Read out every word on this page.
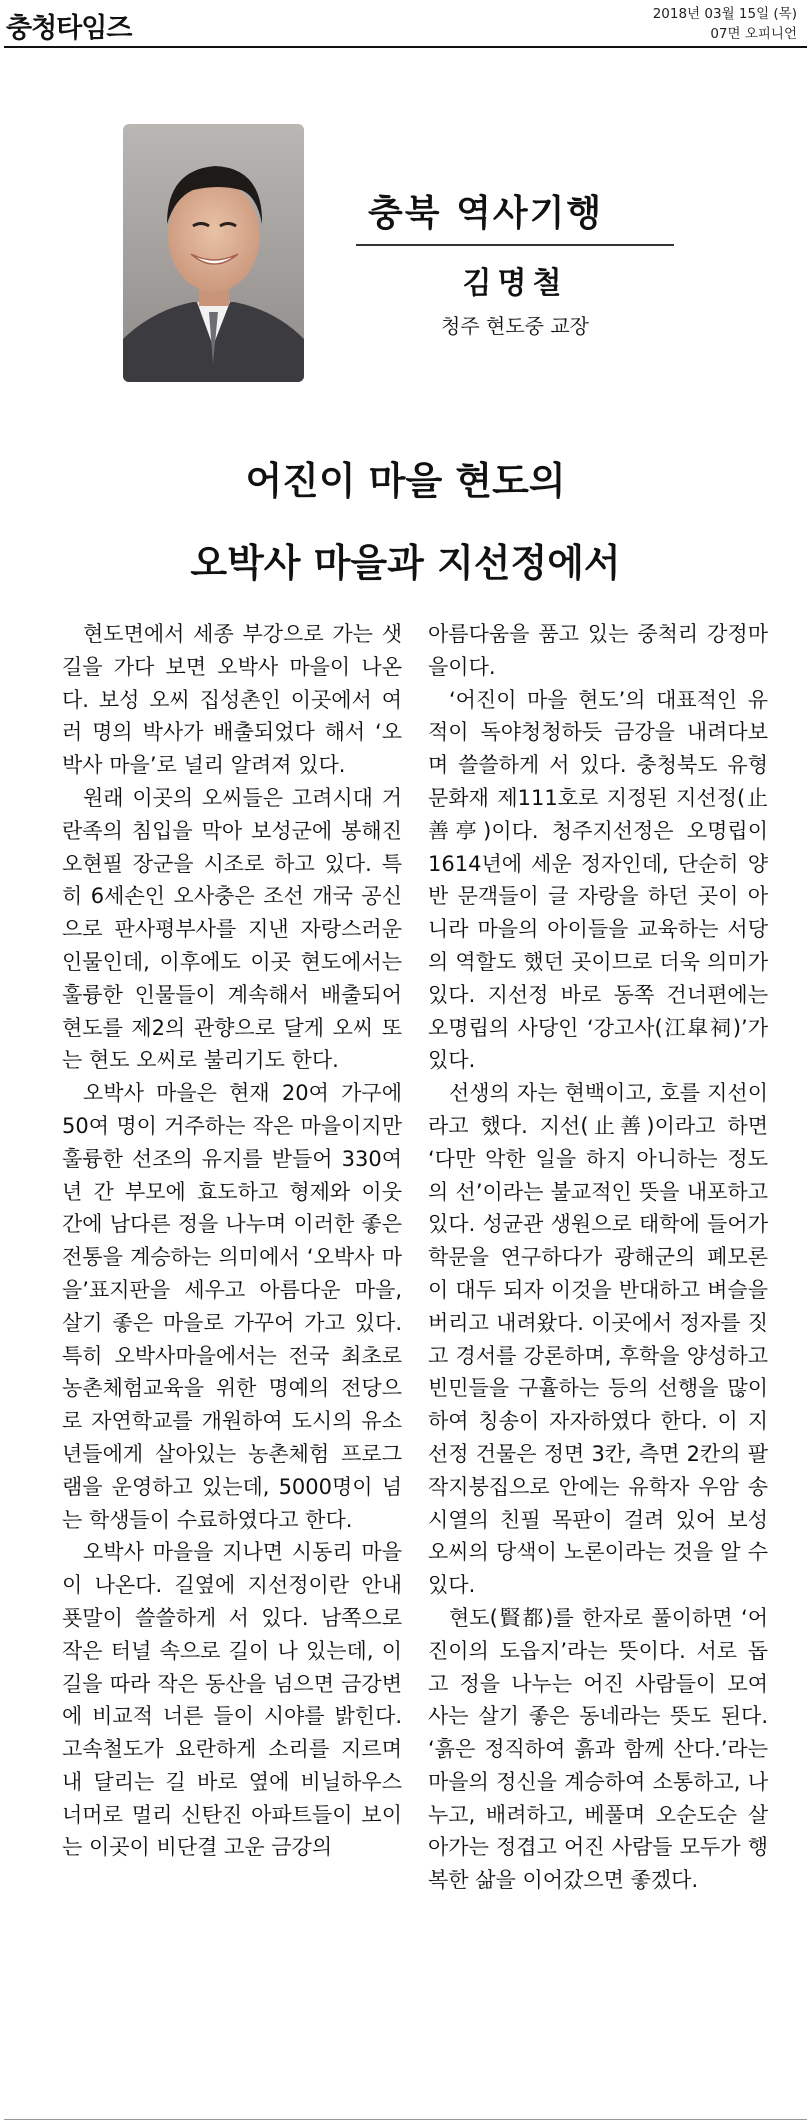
충청타임즈	2018년 03월 15일 (목)
07면 오피니언
충북 역사기행
김명철
청주 현도중 교장
어진이 마을 현도의
오박사 마을과 지선정에서

현도면에서 세종 부강으로 가는 샛길을 가다 보면 오박사 마을이 나온다. 보성 오씨 집성촌인 이곳에서 여러 명의 박사가 배출되었다 해서 ‘오박사 마을’로 널리 알려져 있다.

원래 이곳의 오씨들은 고려시대 거란족의 침입을 막아 보성군에 봉해진 오현필 장군을 시조로 하고 있다. 특히 6세손인 오사충은 조선 개국 공신으로 판사평부사를 지낸 자랑스러운 인물인데, 이후에도 이곳 현도에서는 훌륭한 인물들이 계속해서 배출되어 현도를 제2의 관향으로 달게 오씨 또는 현도 오씨로 불리기도 한다.

오박사 마을은 현재 20여 가구에 50여 명이 거주하는 작은 마을이지만 훌륭한 선조의 유지를 받들어 330여 년 간 부모에 효도하고 형제와 이웃 간에 남다른 정을 나누며 이러한 좋은 전통을 계승하는 의미에서 ‘오박사 마을’표지판을 세우고 아름다운 마을, 살기 좋은 마을로 가꾸어 가고 있다. 특히 오박사마을에서는 전국 최초로 농촌체험교육을 위한 명예의 전당으로 자연학교를 개원하여 도시의 유소년들에게 살아있는 농촌체험 프로그램을 운영하고 있는데, 5000명이 넘는 학생들이 수료하였다고 한다.

오박사 마을을 지나면 시동리 마을이 나온다. 길옆에 지선정이란 안내 푯말이 쓸쓸하게 서 있다. 남쪽으로 작은 터널 속으로 길이 나 있는데, 이 길을 따라 작은 동산을 넘으면 금강변에 비교적 너른 들이 시야를 밝힌다. 고속철도가 요란하게 소리를 지르며 내 달리는 길 바로 옆에 비닐하우스 너머로 멀리 신탄진 아파트들이 보이는 이곳이 비단결 고운 금강의

아름다움을 품고 있는 중척리 강정마을이다.

‘어진이 마을 현도’의 대표적인 유적이 독야청청하듯 금강을 내려다보며 쓸쓸하게 서 있다. 충청북도 유형문화재 제111호로 지정된 지선정(止善亭)이다. 청주지선정은 오명립이 1614년에 세운 정자인데, 단순히 양반 문객들이 글 자랑을 하던 곳이 아니라 마을의 아이들을 교육하는 서당의 역할도 했던 곳이므로 더욱 의미가 있다. 지선정 바로 동쪽 건너편에는 오명립의 사당인 ‘강고사(江皐祠)’가 있다.

선생의 자는 현백이고, 호를 지선이라고 했다. 지선(止善)이라고 하면 ‘다만 악한 일을 하지 아니하는 정도의 선’이라는 불교적인 뜻을 내포하고 있다. 성균관 생원으로 태학에 들어가 학문을 연구하다가 광해군의 폐모론이 대두 되자 이것을 반대하고 벼슬을 버리고 내려왔다. 이곳에서 정자를 짓고 경서를 강론하며, 후학을 양성하고 빈민들을 구휼하는 등의 선행을 많이 하여 칭송이 자자하였다 한다. 이 지선정 건물은 정면 3칸, 측면 2칸의 팔작지붕집으로 안에는 유학자 우암 송시열의 친필 목판이 걸려 있어 보성 오씨의 당색이 노론이라는 것을 알 수 있다.

현도(賢都)를 한자로 풀이하면 ‘어진이의 도읍지’라는 뜻이다. 서로 돕고 정을 나누는 어진 사람들이 모여 사는 살기 좋은 동네라는 뜻도 된다. ‘흙은 정직하여 흙과 함께 산다.’라는 마을의 정신을 계승하여 소통하고, 나누고, 배려하고, 베풀며 오순도순 살아가는 정겹고 어진 사람들 모두가 행복한 삶을 이어갔으면 좋겠다.
